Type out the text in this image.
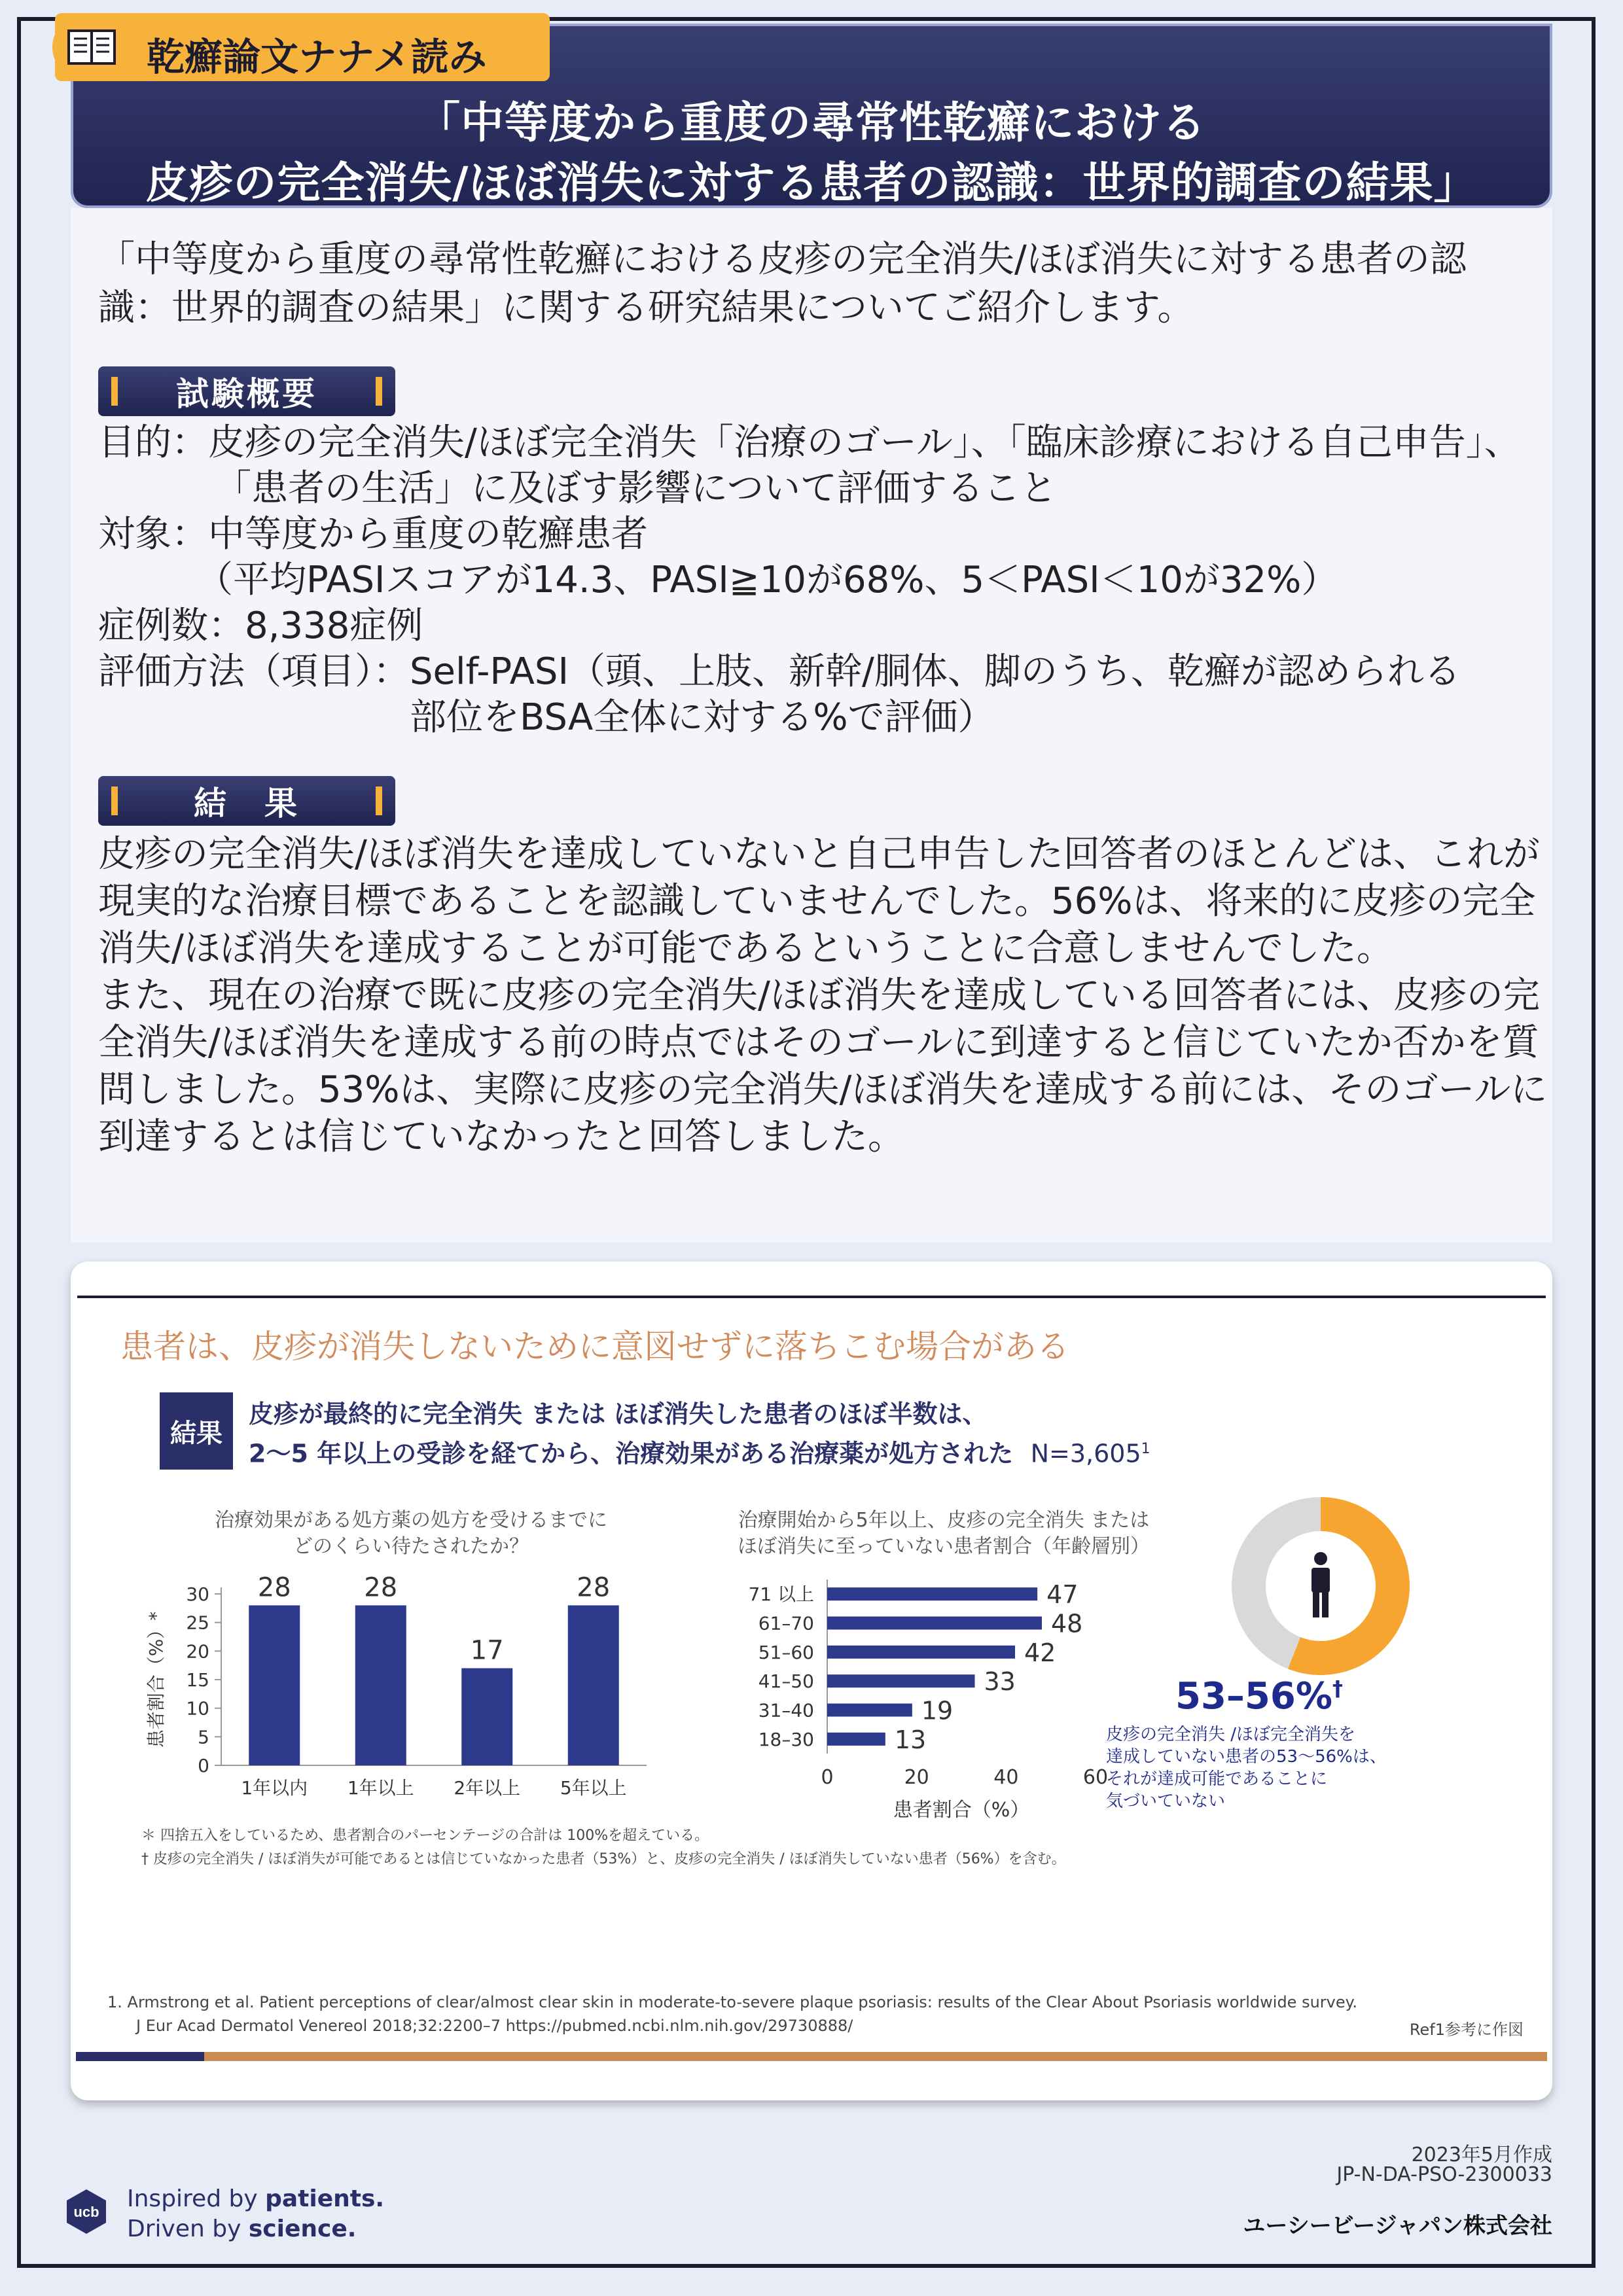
「中等度から重度の尋常性乾癬における
皮疹の完全消失/ほぼ消失に対する患者の認識：世界的調査の結果」
乾癬論文ナナメ読み
「中等度から重度の尋常性乾癬における皮疹の完全消失/ほぼ消失に対する患者の認識：世界的調査の結果」に関する研究結果についてご紹介します。
試験概要
目的：皮疹の完全消失/ほぼ完全消失「治療のゴール」、「臨床診療における自己申告」、
「患者の生活」に及ぼす影響について評価すること
対象：中等度から重度の乾癬患者
（平均PASIスコアが14.3、PASI≧10が68%、5＜PASI＜10が32%）
症例数：8,338症例
評価方法（項目）：Self-PASI（頭、上肢、新幹/胴体、脚のうち、乾癬が認められる
部位をBSA全体に対する%で評価）
結　果
皮疹の完全消失/ほぼ消失を達成していないと自己申告した回答者のほとんどは、これが現実的な治療目標であることを認識していませんでした。56%は、将来的に皮疹の完全消失/ほぼ消失を達成することが可能であるということに合意しませんでした。
また、現在の治療で既に皮疹の完全消失/ほぼ消失を達成している回答者には、皮疹の完全消失/ほぼ消失を達成する前の時点ではそのゴールに到達すると信じていたか否かを質問しました。53%は、実際に皮疹の完全消失/ほぼ消失を達成する前には、そのゴールに到達するとは信じていなかったと回答しました。
患者は、皮疹が消失しないために意図せずに落ちこむ場合がある
結果
皮疹が最終的に完全消失 または ほぼ消失した患者のほぼ半数は、
2～5 年以上の受診を経てから、治療効果がある治療薬が処方された $N=3,605^1$
治療効果がある処方薬の処方を受けるまでに
どのくらい待たされたか？
治療開始から5年以上、皮疹の完全消失 または
ほぼ消失に至っていない患者割合（年齢層別）
0
5
10
15
20
25
30
患者割合（%）*
28
1年以内
28
1年以上
17
2年以上
28
5年以上
47
71 以上
48
61–70
42
51–60
33
41–50
19
31–40
13
18–30
0	20	40	60
患者割合（%）
＊ 四捨五入をしているため、患者割合のパーセンテージの合計は 100%を超えている。
† 皮疹の完全消失 / ほぼ消失が可能であるとは信じていなかった患者（53%）と、皮疹の完全消失 / ほぼ消失していない患者（56%）を含む。
1. Armstrong et al. Patient perceptions of clear/almost clear skin in moderate-to-severe plaque psoriasis: results of the Clear About Psoriasis worldwide survey.
J Eur Acad Dermatol Venereol 2018;32:2200–7 https://pubmed.ncbi.nlm.nih.gov/29730888/	Ref1参考に作図
53–56%†
皮疹の完全消失 /ほぼ完全消失を
達成していない患者の53～56%は、
それが達成可能であることに
気づいていない
2023年5月作成
JP-N-DA-PSO-2300033
ユーシービージャパン株式会社
ucb Inspired by patients.
Driven by science.
